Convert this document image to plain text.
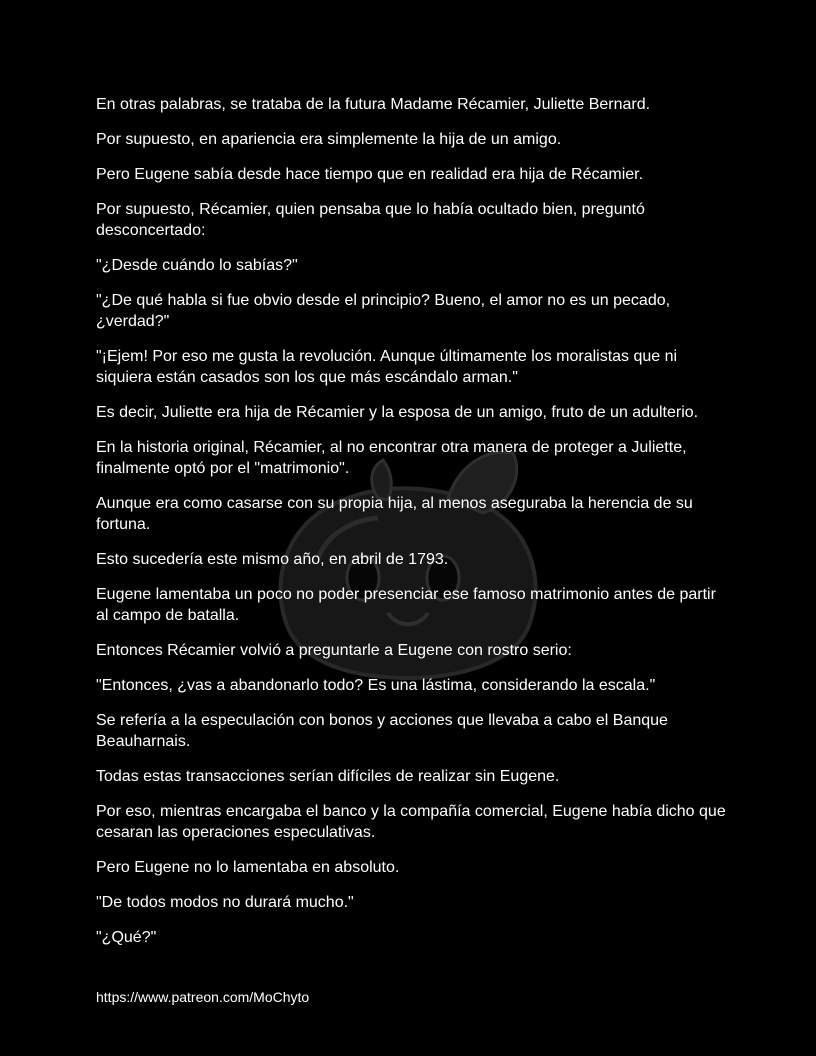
En otras palabras, se trataba de la futura Madame Récamier, Juliette Bernard.

Por supuesto, en apariencia era simplemente la hija de un amigo.

Pero Eugene sabía desde hace tiempo que en realidad era hija de Récamier.

Por supuesto, Récamier, quien pensaba que lo había ocultado bien, preguntó desconcertado:

"¿Desde cuándo lo sabías?"

"¿De qué habla si fue obvio desde el principio? Bueno, el amor no es un pecado, ¿verdad?"

"¡Ejem! Por eso me gusta la revolución. Aunque últimamente los moralistas que ni siquiera están casados son los que más escándalo arman."

Es decir, Juliette era hija de Récamier y la esposa de un amigo, fruto de un adulterio.

En la historia original, Récamier, al no encontrar otra manera de proteger a Juliette, finalmente optó por el "matrimonio".

Aunque era como casarse con su propia hija, al menos aseguraba la herencia de su fortuna.

Esto sucedería este mismo año, en abril de 1793.

Eugene lamentaba un poco no poder presenciar ese famoso matrimonio antes de partir al campo de batalla.

Entonces Récamier volvió a preguntarle a Eugene con rostro serio:

"Entonces, ¿vas a abandonarlo todo? Es una lástima, considerando la escala."

Se refería a la especulación con bonos y acciones que llevaba a cabo el Banque Beauharnais.

Todas estas transacciones serían difíciles de realizar sin Eugene.

Por eso, mientras encargaba el banco y la compañía comercial, Eugene había dicho que cesaran las operaciones especulativas.

Pero Eugene no lo lamentaba en absoluto.

"De todos modos no durará mucho."

"¿Qué?"

https://www.patreon.com/MoChyto
